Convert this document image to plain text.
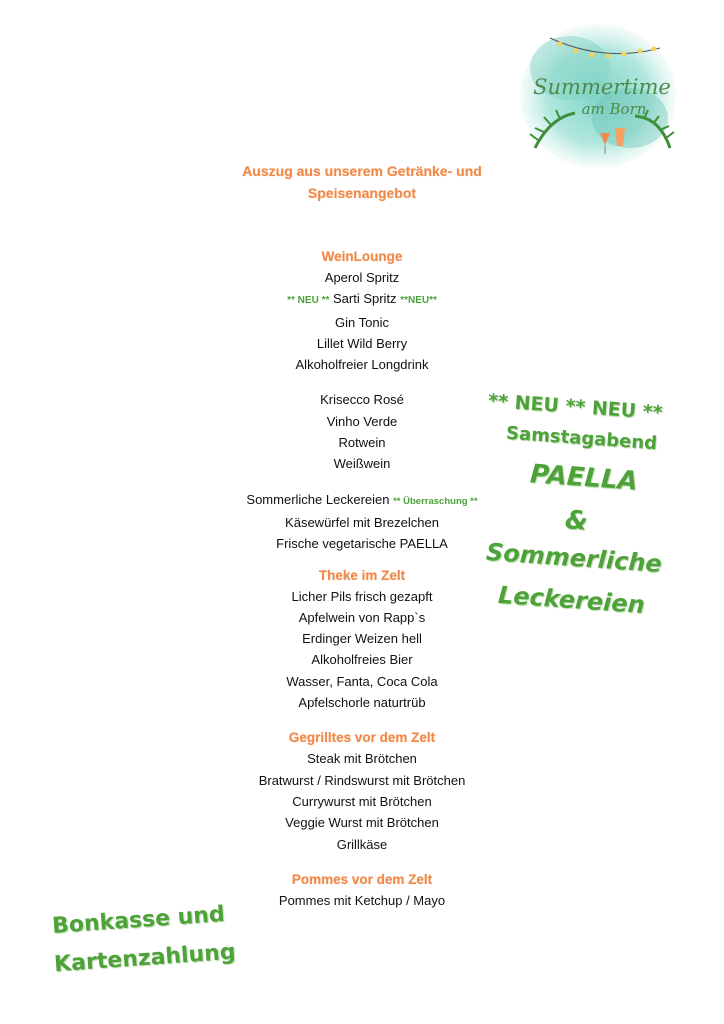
Summertime
am Born
Auszug aus unserem Getränke- und
Speisenangebot
WeinLounge
Aperol Spritz
** NEU ** Sarti Spritz **NEU**
Gin Tonic
Lillet Wild Berry
Alkoholfreier Longdrink
Krisecco Rosé
Vinho Verde
Rotwein
Weißwein
Sommerliche Leckereien ** Überraschung **
Käsewürfel mit Brezelchen
Frische vegetarische PAELLA
Theke im Zelt
Licher Pils frisch gezapft
Apfelwein von Rapp`s
Erdinger Weizen hell
Alkoholfreies Bier
Wasser, Fanta, Coca Cola
Apfelschorle naturtrüb
Gegrilltes vor dem Zelt
Steak mit Brötchen
Bratwurst / Rindswurst mit Brötchen
Currywurst mit Brötchen
Veggie Wurst mit Brötchen
Grillkäse
Pommes vor dem Zelt
Pommes mit Ketchup / Mayo
** NEU ** NEU **
Samstagabend
PAELLA
&
Sommerliche
Leckereien
Bonkasse und
Kartenzahlung
